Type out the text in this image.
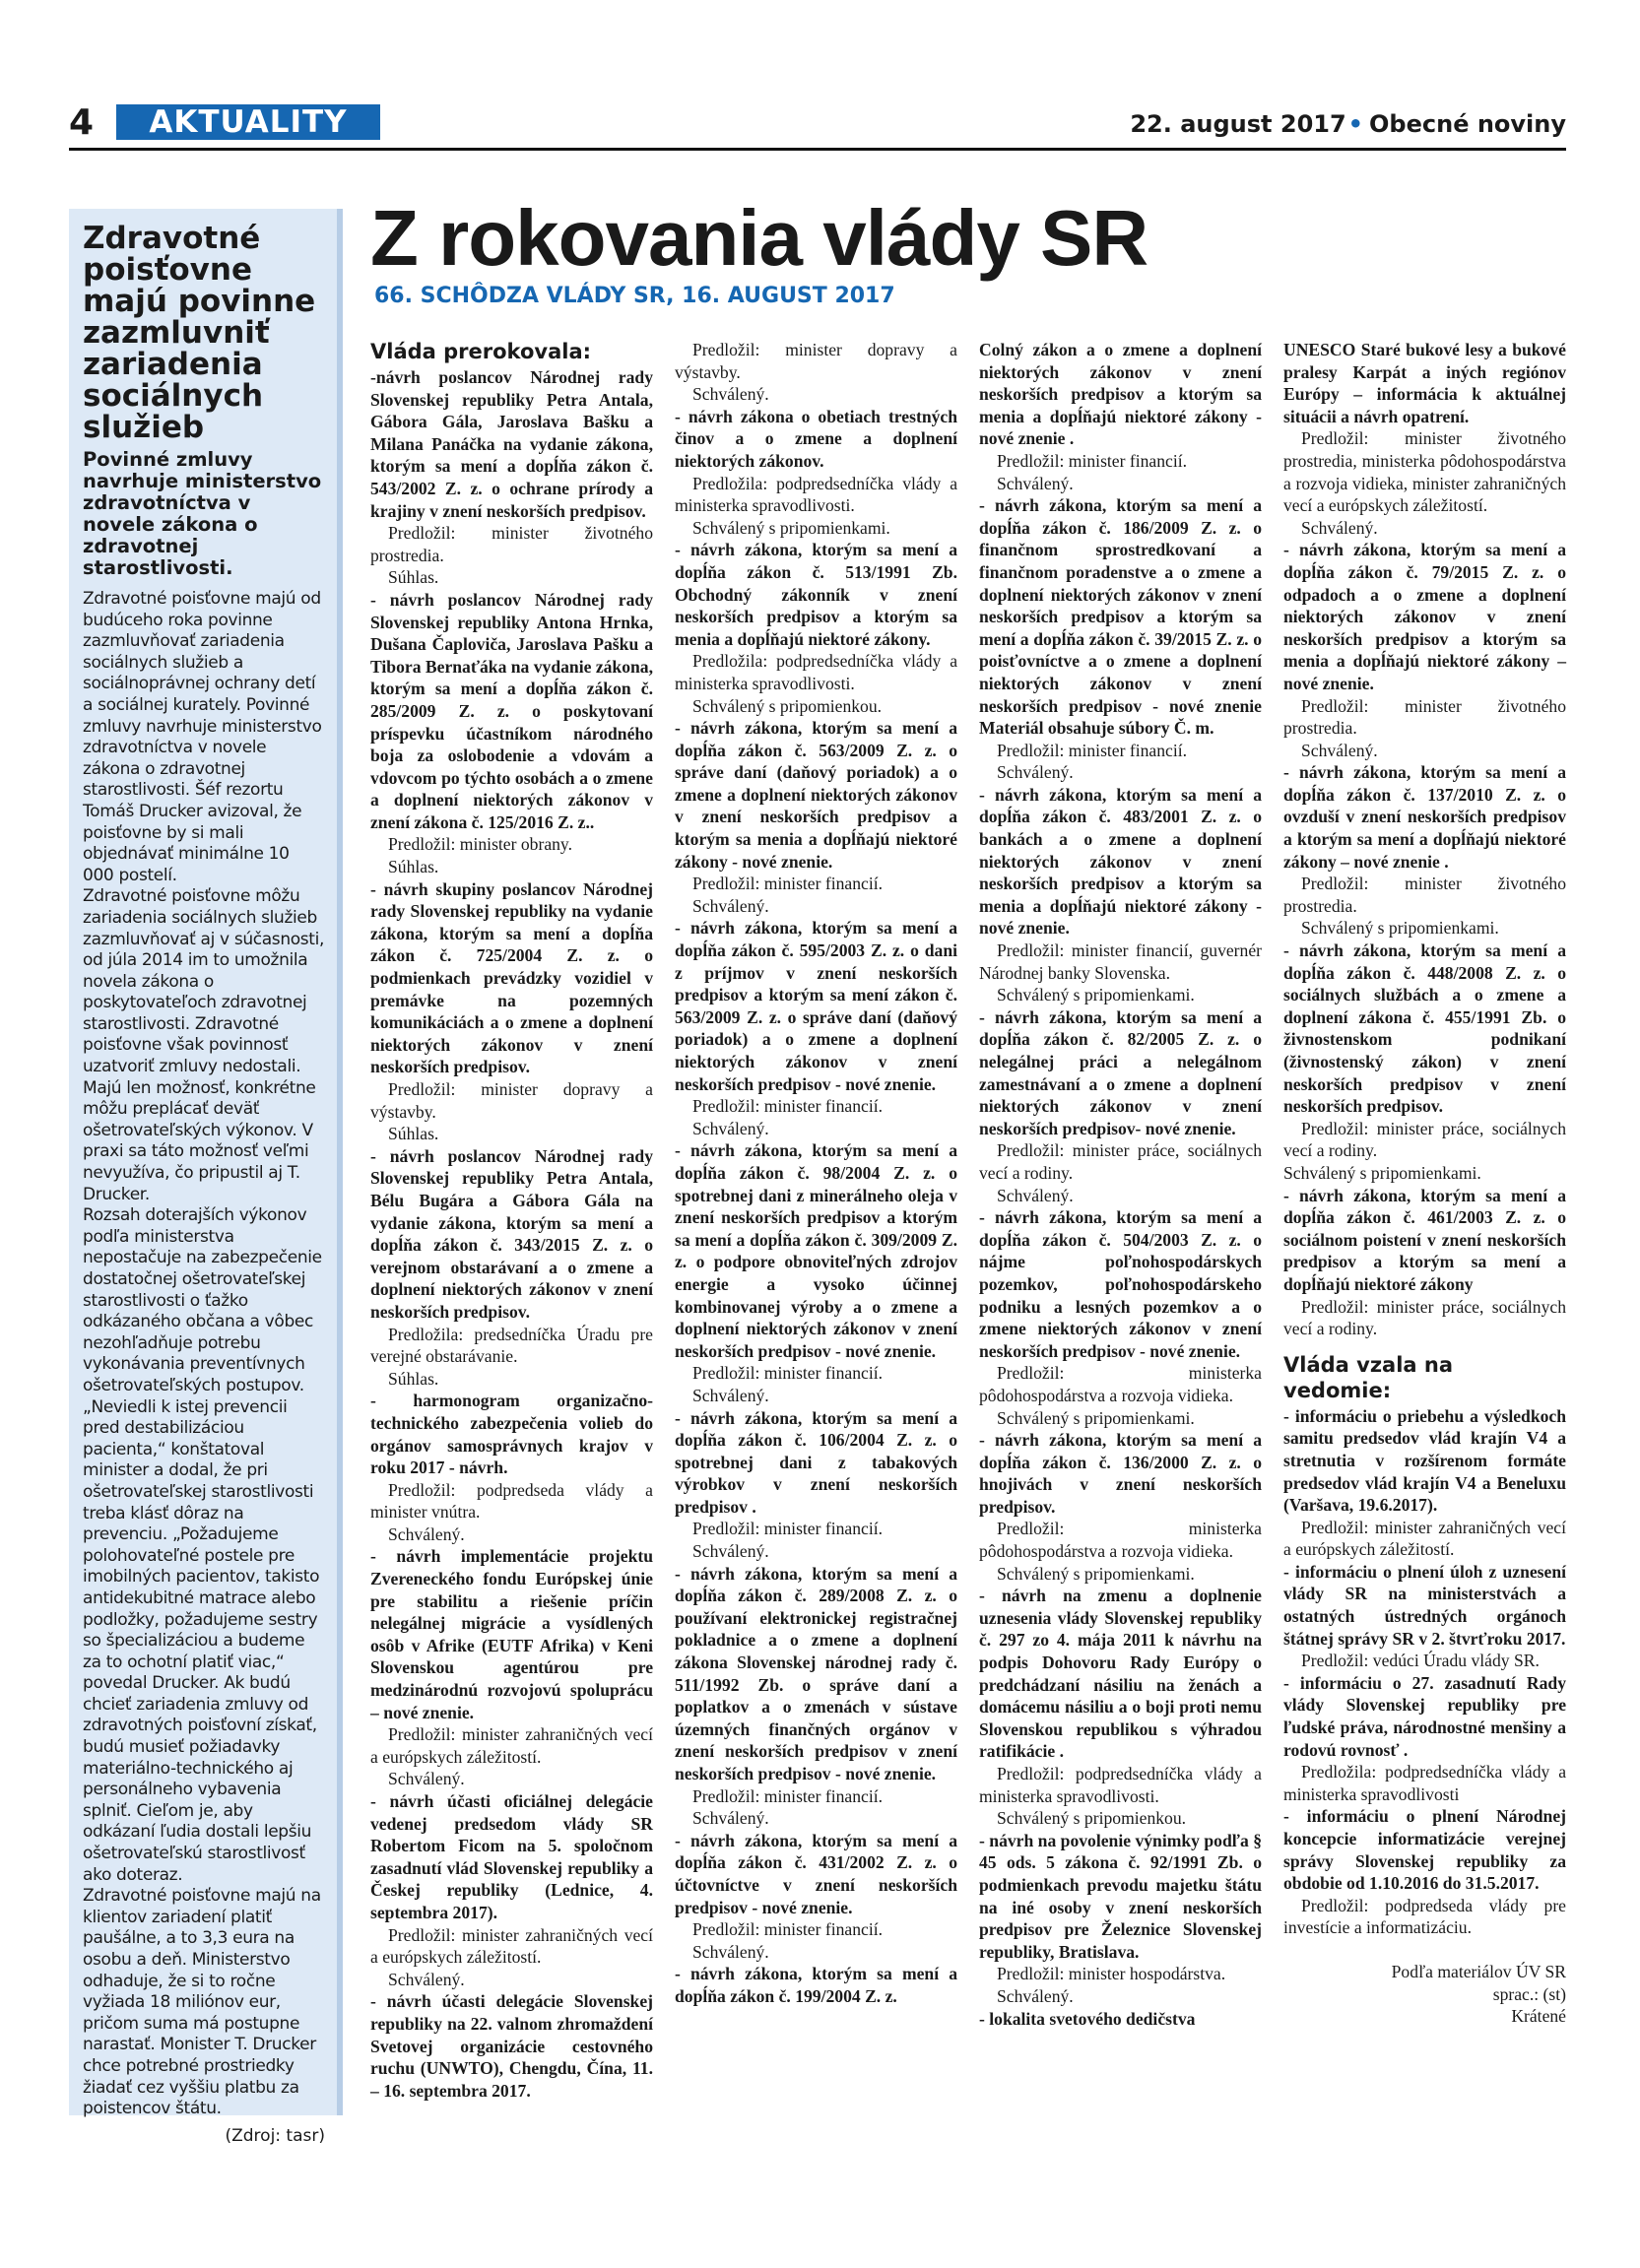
4	AKTUALITY	22. august 2017• Obecné noviny
Zdravotné poisťovne majú povinne zazmluvniť zariadenia sociálnych služieb
Povinné zmluvy navrhuje ministerstvo zdravotníctva v novele zákona o zdravotnej starostlivosti.

Zdravotné poisťovne majú od budúceho roka povinne zazmluvňovať zariadenia sociálnych služieb a sociálnoprávnej ochrany detí a sociálnej kurately. Povinné zmluvy navrhuje ministerstvo zdravotníctva v novele zákona o zdravotnej starostlivosti. Šéf rezortu Tomáš Drucker avizoval, že poisťovne by si mali objednávať minimálne 10 000 postelí.

Zdravotné poisťovne môžu zariadenia sociálnych služieb zazmluvňovať aj v súčasnosti, od júla 2014 im to umožnila novela zákona o poskytovateľoch zdravotnej starostlivosti. Zdravotné poisťovne však povinnosť uzatvoriť zmluvy nedostali. Majú len možnosť, konkrétne môžu preplácať deväť ošetrovateľských výkonov. V praxi sa táto možnosť veľmi nevyužíva, čo pripustil aj T. Drucker.

Rozsah doterajších výkonov podľa ministerstva nepostačuje na zabezpečenie dostatočnej ošetrovateľskej starostlivosti o ťažko odkázaného občana a vôbec nezohľadňuje potrebu vykonávania preventívnych ošetrovateľských postupov. „Neviedli k istej prevencii pred destabilizáciou pacienta,“ konštatoval minister a dodal, že pri ošetrovateľskej starostlivosti treba klásť dôraz na prevenciu. „Požadujeme polohovateľné postele pre imobilných pacientov, takisto antidekubitné matrace alebo podložky, požadujeme sestry so špecializáciou a budeme za to ochotní platiť viac,“ povedal Drucker. Ak budú chcieť zariadenia zmluvy od zdravotných poisťovní získať, budú musieť požiadavky materiálno-technického aj personálneho vybavenia splniť. Cieľom je, aby odkázaní ľudia dostali lepšiu ošetrovateľskú starostlivosť ako doteraz.

Zdravotné poisťovne majú na klientov zariadení platiť paušálne, a to 3,3 eura na osobu a deň. Ministerstvo odhaduje, že si to ročne vyžiada 18 miliónov eur, pričom suma má postupne narastať. Monister T. Drucker chce potrebné prostriedky žiadať cez vyššiu platbu za poistencov štátu.

(Zdroj: tasr)
Z rokovania vlády SR
66. SCHÔDZA VLÁDY SR, 16. AUGUST 2017
Vláda prerokovala:

-návrh poslancov Národnej rady Slovenskej republiky Petra Antala, Gábora Gála, Jaroslava Bašku a Milana Panáčka na vydanie zákona, ktorým sa mení a dopĺňa zákon č. 543/2002 Z. z. o ochrane prírody a krajiny v znení neskorších predpisov.

Predložil: minister životného prostredia.

Súhlas.

- návrh poslancov Národnej rady Slovenskej republiky Antona Hrnka, Dušana Čaploviča, Jaroslava Pašku a Tibora Bernaťáka na vydanie zákona, ktorým sa mení a dopĺňa zákon č. 285/2009 Z. z. o poskytovaní príspevku účastníkom národného boja za oslobodenie a vdovám a vdovcom po týchto osobách a o zmene a doplnení niektorých zákonov v znení zákona č. 125/2016 Z. z..

Predložil: minister obrany.

Súhlas.

- návrh skupiny poslancov Národnej rady Slovenskej republiky na vydanie zákona, ktorým sa mení a dopĺňa zákon č. 725/2004 Z. z. o podmienkach prevádzky vozidiel v premávke na pozemných komunikáciách a o zmene a doplnení niektorých zákonov v znení neskorších predpisov.

Predložil: minister dopravy a výstavby.

Súhlas.

- návrh poslancov Národnej rady Slovenskej republiky Petra Antala, Bélu Bugára a Gábora Gála na vydanie zákona, ktorým sa mení a dopĺňa zákon č. 343/2015 Z. z. o verejnom obstarávaní a o zmene a doplnení niektorých zákonov v znení neskorších predpisov.

Predložila: predsedníčka Úradu pre verejné obstarávanie.

Súhlas.

- harmonogram organizačno-technického zabezpečenia volieb do orgánov samosprávnych krajov v roku 2017 - návrh.

Predložil: podpredseda vlády a minister vnútra.

Schválený.

- návrh implementácie projektu Zvereneckého fondu Európskej únie pre stabilitu a riešenie príčin nelegálnej migrácie a vysídlených osôb v Afrike (EUTF Afrika) v Keni Slovenskou agentúrou pre medzinárodnú rozvojovú spoluprácu – nové znenie.

Predložil: minister zahraničných vecí a európskych záležitostí.

Schválený.

- návrh účasti oficiálnej delegácie vedenej predsedom vlády SR Robertom Ficom na 5. spoločnom zasadnutí vlád Slovenskej republiky a Českej republiky (Lednice, 4. septembra 2017).

Predložil: minister zahraničných vecí a európskych záležitostí.

Schválený.

- návrh účasti delegácie Slovenskej republiky na 22. valnom zhromaždení Svetovej organizácie cestovného ruchu (UNWTO), Chengdu, Čína, 11. – 16. septembra 2017.

Predložil: minister dopravy a výstavby.

Schválený.

- návrh zákona o obetiach trestných činov a o zmene a doplnení niektorých zákonov.

Predložila: podpredsedníčka vlády a ministerka spravodlivosti.

Schválený s pripomienkami.

- návrh zákona, ktorým sa mení a dopĺňa zákon č. 513/1991 Zb. Obchodný zákonník v znení neskorších predpisov a ktorým sa menia a dopĺňajú niektoré zákony.

Predložila: podpredsedníčka vlády a ministerka spravodlivosti.

Schválený s pripomienkou.

- návrh zákona, ktorým sa mení a dopĺňa zákon č. 563/2009 Z. z. o správe daní (daňový poriadok) a o zmene a doplnení niektorých zákonov v znení neskorších predpisov a ktorým sa menia a dopĺňajú niektoré zákony - nové znenie.

Predložil: minister financií.

Schválený.

- návrh zákona, ktorým sa mení a dopĺňa zákon č. 595/2003 Z. z. o dani z príjmov v znení neskorších predpisov a ktorým sa mení zákon č. 563/2009 Z. z. o správe daní (daňový poriadok) a o zmene a doplnení niektorých zákonov v znení neskorších predpisov - nové znenie.

Predložil: minister financií.

Schválený.

- návrh zákona, ktorým sa mení a dopĺňa zákon č. 98/2004 Z. z. o spotrebnej dani z minerálneho oleja v znení neskorších predpisov a ktorým sa mení a dopĺňa zákon č. 309/2009 Z. z. o podpore obnoviteľných zdrojov energie a vysoko účinnej kombinovanej výroby a o zmene a doplnení niektorých zákonov v znení neskorších predpisov - nové znenie.

Predložil: minister financií.

Schválený.

- návrh zákona, ktorým sa mení a dopĺňa zákon č. 106/2004 Z. z. o spotrebnej dani z tabakových výrobkov v znení neskorších predpisov .

Predložil: minister financií.

Schválený.

- návrh zákona, ktorým sa mení a dopĺňa zákon č. 289/2008 Z. z. o používaní elektronickej registračnej pokladnice a o zmene a doplnení zákona Slovenskej národnej rady č. 511/1992 Zb. o správe daní a poplatkov a o zmenách v sústave územných finančných orgánov v znení neskorších predpisov v znení neskorších predpisov - nové znenie.

Predložil: minister financií.

Schválený.

- návrh zákona, ktorým sa mení a dopĺňa zákon č. 431/2002 Z. z. o účtovníctve v znení neskorších predpisov - nové znenie.

Predložil: minister financií.

Schválený.

- návrh zákona, ktorým sa mení a dopĺňa zákon č. 199/2004 Z. z.

Colný zákon a o zmene a doplnení niektorých zákonov v znení neskorších predpisov a ktorým sa menia a dopĺňajú niektoré zákony - nové znenie .

Predložil: minister financií.

Schválený.

- návrh zákona, ktorým sa mení a dopĺňa zákon č. 186/2009 Z. z. o finančnom sprostredkovaní a finančnom poradenstve a o zmene a doplnení niektorých zákonov v znení neskorších predpisov a ktorým sa mení a dopĺňa zákon č. 39/2015 Z. z. o poisťovníctve a o zmene a doplnení niektorých zákonov v znení neskorších predpisov - nové znenie Materiál obsahuje súbory Č. m.

Predložil: minister financií.

Schválený.

- návrh zákona, ktorým sa mení a dopĺňa zákon č. 483/2001 Z. z. o bankách a o zmene a doplnení niektorých zákonov v znení neskorších predpisov a ktorým sa menia a dopĺňajú niektoré zákony - nové znenie.

Predložil: minister financií, guvernér Národnej banky Slovenska.

Schválený s pripomienkami.

- návrh zákona, ktorým sa mení a dopĺňa zákon č. 82/2005 Z. z. o nelegálnej práci a nelegálnom zamestnávaní a o zmene a doplnení niektorých zákonov v znení neskorších predpisov- nové znenie.

Predložil: minister práce, sociálnych vecí a rodiny.

Schválený.

- návrh zákona, ktorým sa mení a dopĺňa zákon č. 504/2003 Z. z. o nájme poľnohospodárskych pozemkov, poľnohospodárskeho podniku a lesných pozemkov a o zmene niektorých zákonov v znení neskorších predpisov - nové znenie.

Predložil: ministerka pôdohospodárstva a rozvoja vidieka.

Schválený s pripomienkami.

- návrh zákona, ktorým sa mení a dopĺňa zákon č. 136/2000 Z. z. o hnojivách v znení neskorších predpisov.

Predložil: ministerka pôdohospodárstva a rozvoja vidieka.

Schválený s pripomienkami.

- návrh na zmenu a doplnenie uznesenia vlády Slovenskej republiky č. 297 zo 4. mája 2011 k návrhu na podpis Dohovoru Rady Európy o predchádzaní násiliu na ženách a domácemu násiliu a o boji proti nemu Slovenskou republikou s výhradou ratifikácie .

Predložil: podpredsedníčka vlády a ministerka spravodlivosti.

Schválený s pripomienkou.

- návrh na povolenie výnimky podľa § 45 ods. 5 zákona č. 92/1991 Zb. o podmienkach prevodu majetku štátu na iné osoby v znení neskorších predpisov pre Železnice Slovenskej republiky, Bratislava.

Predložil: minister hospodárstva.

Schválený.

- lokalita svetového dedičstva

UNESCO Staré bukové lesy a bukové pralesy Karpát a iných regiónov Európy – informácia k aktuálnej situácii a návrh opatrení.

Predložil: minister životného prostredia, ministerka pôdohospodárstva a rozvoja vidieka, minister zahraničných vecí a európskych záležitostí.

Schválený.

- návrh zákona, ktorým sa mení a dopĺňa zákon č. 79/2015 Z. z. o odpadoch a o zmene a doplnení niektorých zákonov v znení neskorších predpisov a ktorým sa menia a dopĺňajú niektoré zákony – nové znenie.

Predložil: minister životného prostredia.

Schválený.

- návrh zákona, ktorým sa mení a dopĺňa zákon č. 137/2010 Z. z. o ovzduší v znení neskorších predpisov a ktorým sa mení a dopĺňajú niektoré zákony – nové znenie .

Predložil: minister životného prostredia.

Schválený s pripomienkami.

- návrh zákona, ktorým sa mení a dopĺňa zákon č. 448/2008 Z. z. o sociálnych službách a o zmene a doplnení zákona č. 455/1991 Zb. o živnostenskom podnikaní (živnostenský zákon) v znení neskorších predpisov v znení neskorších predpisov.

Predložil: minister práce, sociálnych vecí a rodiny.

Schválený s pripomienkami.

- návrh zákona, ktorým sa mení a dopĺňa zákon č. 461/2003 Z. z. o sociálnom poistení v znení neskorších predpisov a ktorým sa mení a dopĺňajú niektoré zákony

Predložil: minister práce, sociálnych vecí a rodiny.

Vláda vzala na vedomie:

- informáciu o priebehu a výsledkoch samitu predsedov vlád krajín V4 a stretnutia v rozšírenom formáte predsedov vlád krajín V4 a Beneluxu (Varšava, 19.6.2017).

Predložil: minister zahraničných vecí a európskych záležitostí.

- informáciu o plnení úloh z uznesení vlády SR na ministerstvách a ostatných ústredných orgánoch štátnej správy SR v 2. štvrťroku 2017.

Predložil: vedúci Úradu vlády SR.

- informáciu o 27. zasadnutí Rady vlády Slovenskej republiky pre ľudské práva, národnostné menšiny a rodovú rovnosť .

Predložila: podpredsedníčka vlády a ministerka spravodlivosti

- informáciu o plnení Národnej koncepcie informatizácie verejnej správy Slovenskej republiky za obdobie od 1.10.2016 do 31.5.2017.

Predložil: podpredseda vlády pre investície a informatizáciu.

Podľa materiálov ÚV SR
sprac.: (st)
Krátené
